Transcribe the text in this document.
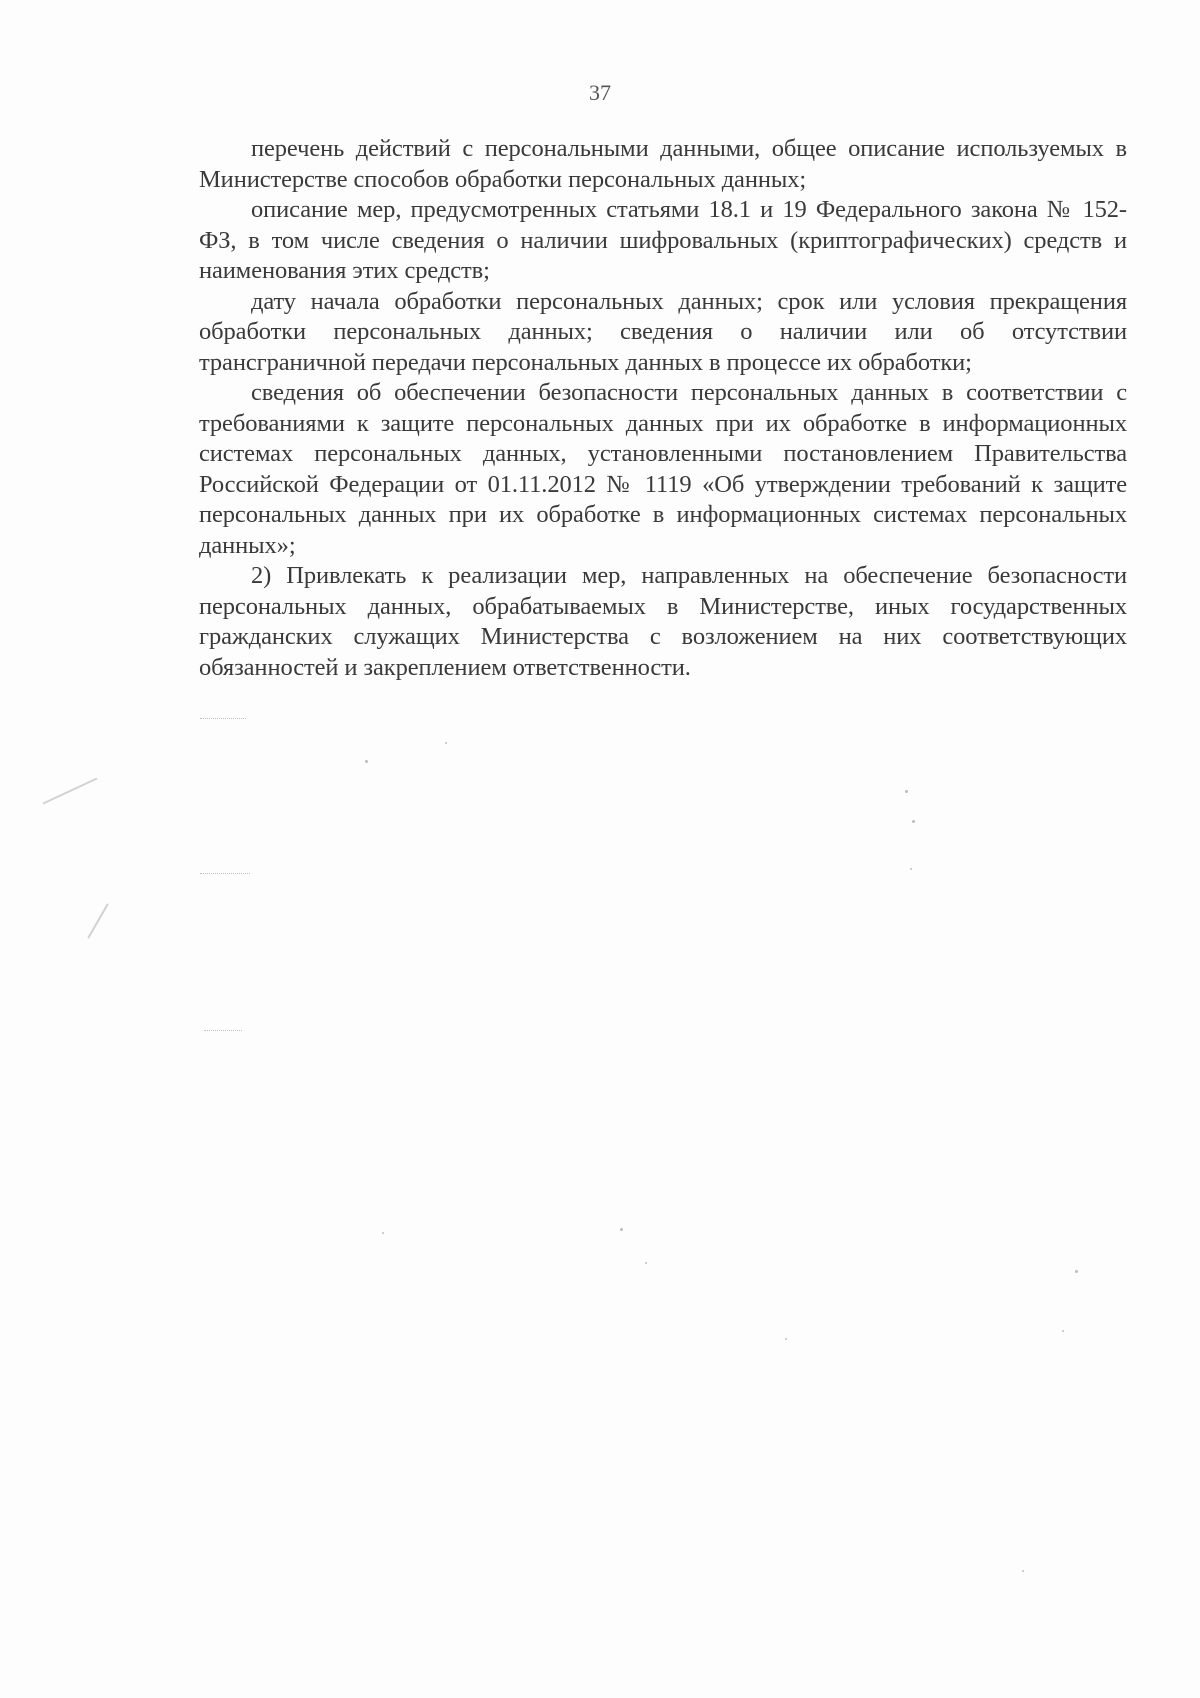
37

перечень действий с персональными данными, общее описание используемых в Министерстве способов обработки персональных данных;

описание мер, предусмотренных статьями 18.1 и 19 Федерального закона № 152-ФЗ, в том числе сведения о наличии шифровальных (криптографических) средств и наименования этих средств;

дату начала обработки персональных данных; срок или условия прекращения обработки персональных данных; сведения о наличии или об отсутствии трансграничной передачи персональных данных в процессе их обработки;

сведения об обеспечении безопасности персональных данных в соответствии с требованиями к защите персональных данных при их обработке в информационных системах персональных данных, установленными постановлением Правительства Российской Федерации от 01.11.2012 № 1119 «Об утверждении требований к защите персональных данных при их обработке в информационных системах персональных данных»;

2) Привлекать к реализации мер, направленных на обеспечение безопасности персональных данных, обрабатываемых в Министерстве, иных государственных гражданских служащих Министерства с возложением на них соответствующих обязанностей и закреплением ответственности.
